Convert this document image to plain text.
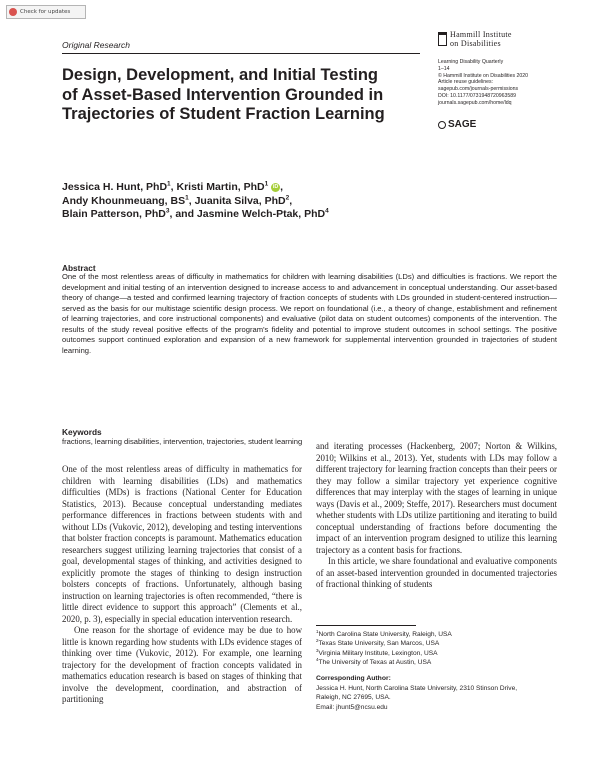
Check for updates
Original Research
Hammill Institute
on Disabilities
Learning Disability Quarterly
1–14
© Hammill Institute on Disabilities 2020
Article reuse guidelines:
sagepub.com/journals-permissions
DOI: 10.1177/0731948720963589
journals.sagepub.com/home/ldq
SAGE
Design, Development, and Initial Testing of Asset-Based Intervention Grounded in Trajectories of Student Fraction Learning
Jessica H. Hunt, PhD$^1$, Kristi Martin, PhD$^1$ iD ,
Andy Khounmeuang, $BS^1$, Juanita Silva, PhD$^2$,
Blain Patterson, PhD$^3$, and Jasmine Welch-Ptak, PhD$^4$
Abstract

One of the most relentless areas of difficulty in mathematics for children with learning disabilities (LDs) and difficulties is fractions. We report the development and initial testing of an intervention designed to increase access to and advancement in conceptual understanding. Our asset-based theory of change—a tested and confirmed learning trajectory of fraction concepts of students with LDs grounded in student-centered instruction—served as the basis for our multistage scientific design process. We report on foundational (i.e., a theory of change, establishment and refinement of learning trajectories, and core instructional components) and evaluative (pilot data on student outcomes) components of the intervention. The results of the study reveal positive effects of the program's fidelity and potential to improve student outcomes in school settings. The positive outcomes support continued exploration and expansion of a new framework for supplemental intervention grounded in trajectories of student learning.

Keywords

fractions, learning disabilities, intervention, trajectories, student learning

One of the most relentless areas of difficulty in mathematics for children with learning disabilities (LDs) and mathematics difficulties (MDs) is fractions (National Center for Education Statistics, 2013). Because conceptual understanding mediates performance differences in fractions between students with and without LDs (Vukovic, 2012), developing and testing interventions that bolster fraction concepts is paramount. Mathematics education researchers suggest utilizing learning trajectories that consist of a goal, developmental stages of thinking, and activities designed to explicitly promote the stages of thinking to design instruction bolsters concepts of fractions. Unfortunately, although basing instruction on learning trajectories is often recommended, “there is little direct evidence to support this approach” (Clements et al., 2020, p. 3), especially in special education intervention research.

One reason for the shortage of evidence may be due to how little is known regarding how students with LDs evidence stages of thinking over time (Vukovic, 2012). For example, one learning trajectory for the development of fraction concepts validated in mathematics education research is based on stages of thinking that involve the development, coordination, and abstraction of partitioning

and iterating processes (Hackenberg, 2007; Norton & Wilkins, 2010; Wilkins et al., 2013). Yet, students with LDs may follow a different trajectory for learning fraction concepts than their peers or they may follow a similar trajectory yet experience cognitive differences that may interplay with the stages of learning in unique ways (Davis et al., 2009; Steffe, 2017). Researchers must document whether students with LDs utilize partitioning and iterating to build conceptual understanding of fractions before documenting the impact of an intervention program designed to utilize this learning trajectory as a content basis for fractions.

In this article, we share foundational and evaluative components of an asset-based intervention grounded in documented trajectories of fractional thinking of students

$^1$North Carolina State University, Raleigh, USA
$^2$Texas State University, San Marcos, USA
$^3$Virginia Military Institute, Lexington, USA
$^4$The University of Texas at Austin, USA
Corresponding Author:
Jessica H. Hunt, North Carolina State University, 2310 Stinson Drive,
Raleigh, NC 27695, USA.
Email: jhunt5@ncsu.edu
